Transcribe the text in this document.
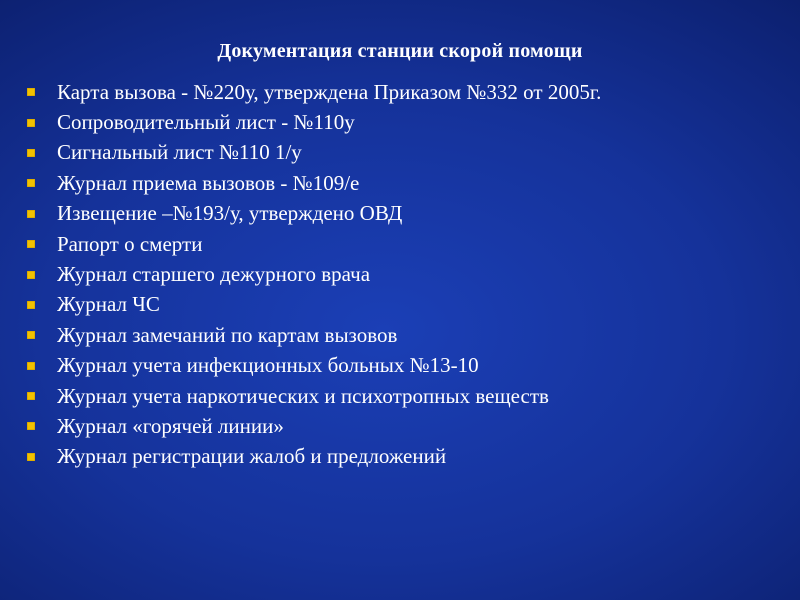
Документация станции скорой помощи
Карта вызова - №220у, утверждена Приказом №332 от 2005г.
Сопроводительный лист - №110у
Сигнальный лист №110 1/у
Журнал приема вызовов - №109/е
Извещение –№193/у, утверждено ОВД
Рапорт о смерти
Журнал старшего дежурного врача
Журнал ЧС
Журнал замечаний по картам вызовов
Журнал учета инфекционных больных №13-10
Журнал учета наркотических и психотропных веществ
Журнал «горячей линии»
Журнал регистрации жалоб и предложений
